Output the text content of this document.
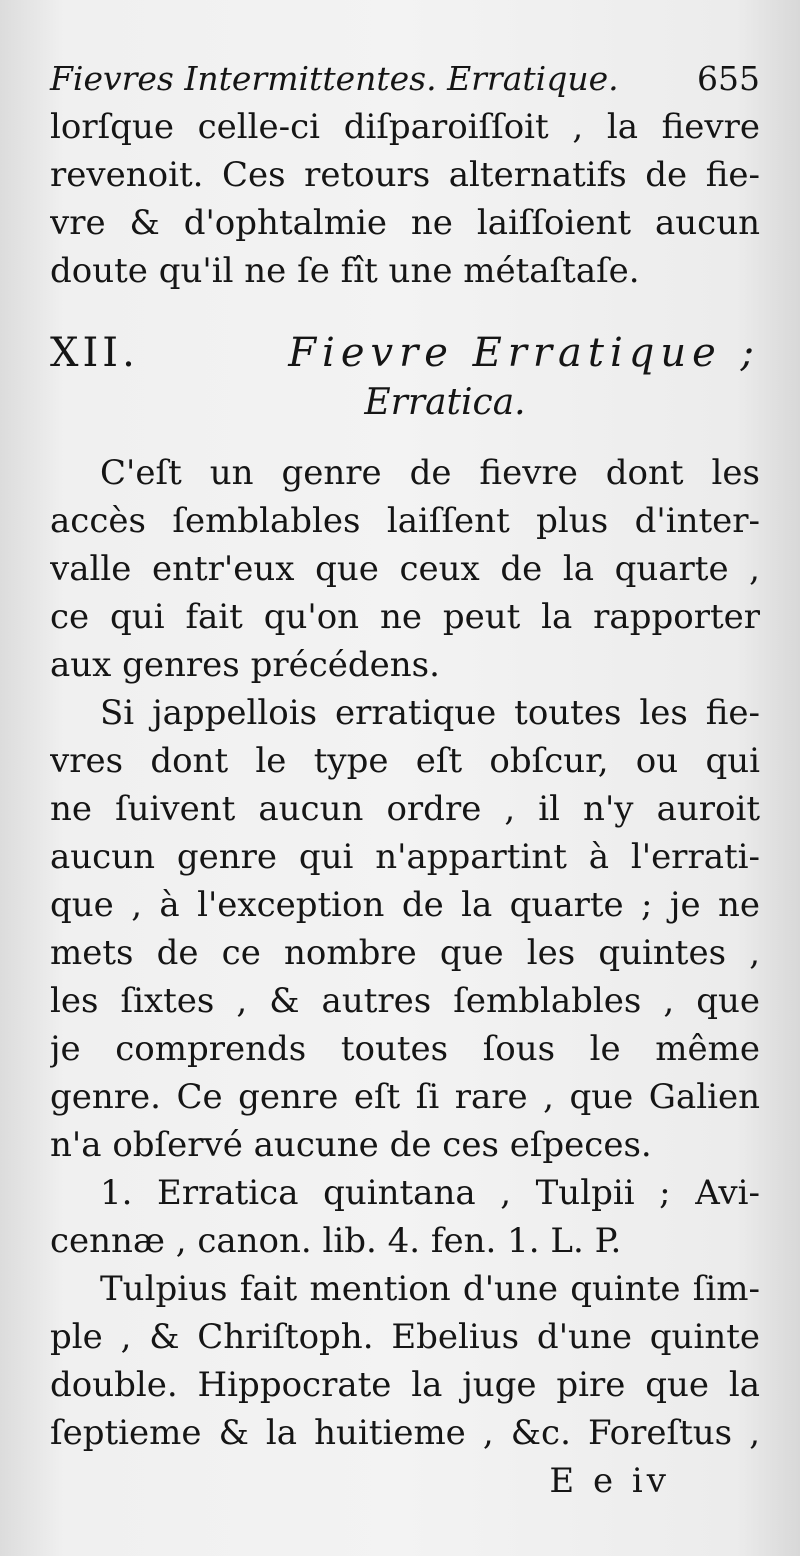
Fievres Intermittentes. Erratique. 655
lorſque celle-ci diſparoiſſoit , la fievre
revenoit. Ces retours alternatifs de fie-
vre & d'ophtalmie ne laiſſoient aucun
doute qu'il ne ſe fît une métaſtaſe.
XII.	Fievre Erratique ;
Erratica.
C'eſt un genre de fievre dont les
accès ſemblables laiſſent plus d'inter-
valle entr'eux que ceux de la quarte ,
ce qui fait qu'on ne peut la rapporter
aux genres précédens.
Si jappellois erratique toutes les fie-
vres dont le type eſt obſcur, ou qui
ne ſuivent aucun ordre , il n'y auroit
aucun genre qui n'appartint à l'errati-
que , à l'exception de la quarte ; je ne
mets de ce nombre que les quintes ,
les ſixtes , & autres ſemblables , que
je comprends toutes ſous le même
genre. Ce genre eſt ſi rare , que Galien
n'a obſervé aucune de ces eſpeces.
1. Erratica quintana , Tulpii ; Avi-
cennæ , canon. lib. 4. fen. 1. L. P.
Tulpius fait mention d'une quinte ſim-
ple , & Chriſtoph. Ebelius d'une quinte
double. Hippocrate la juge pire que la
ſeptieme & la huitieme , &c. Foreſtus ,
E e iv
